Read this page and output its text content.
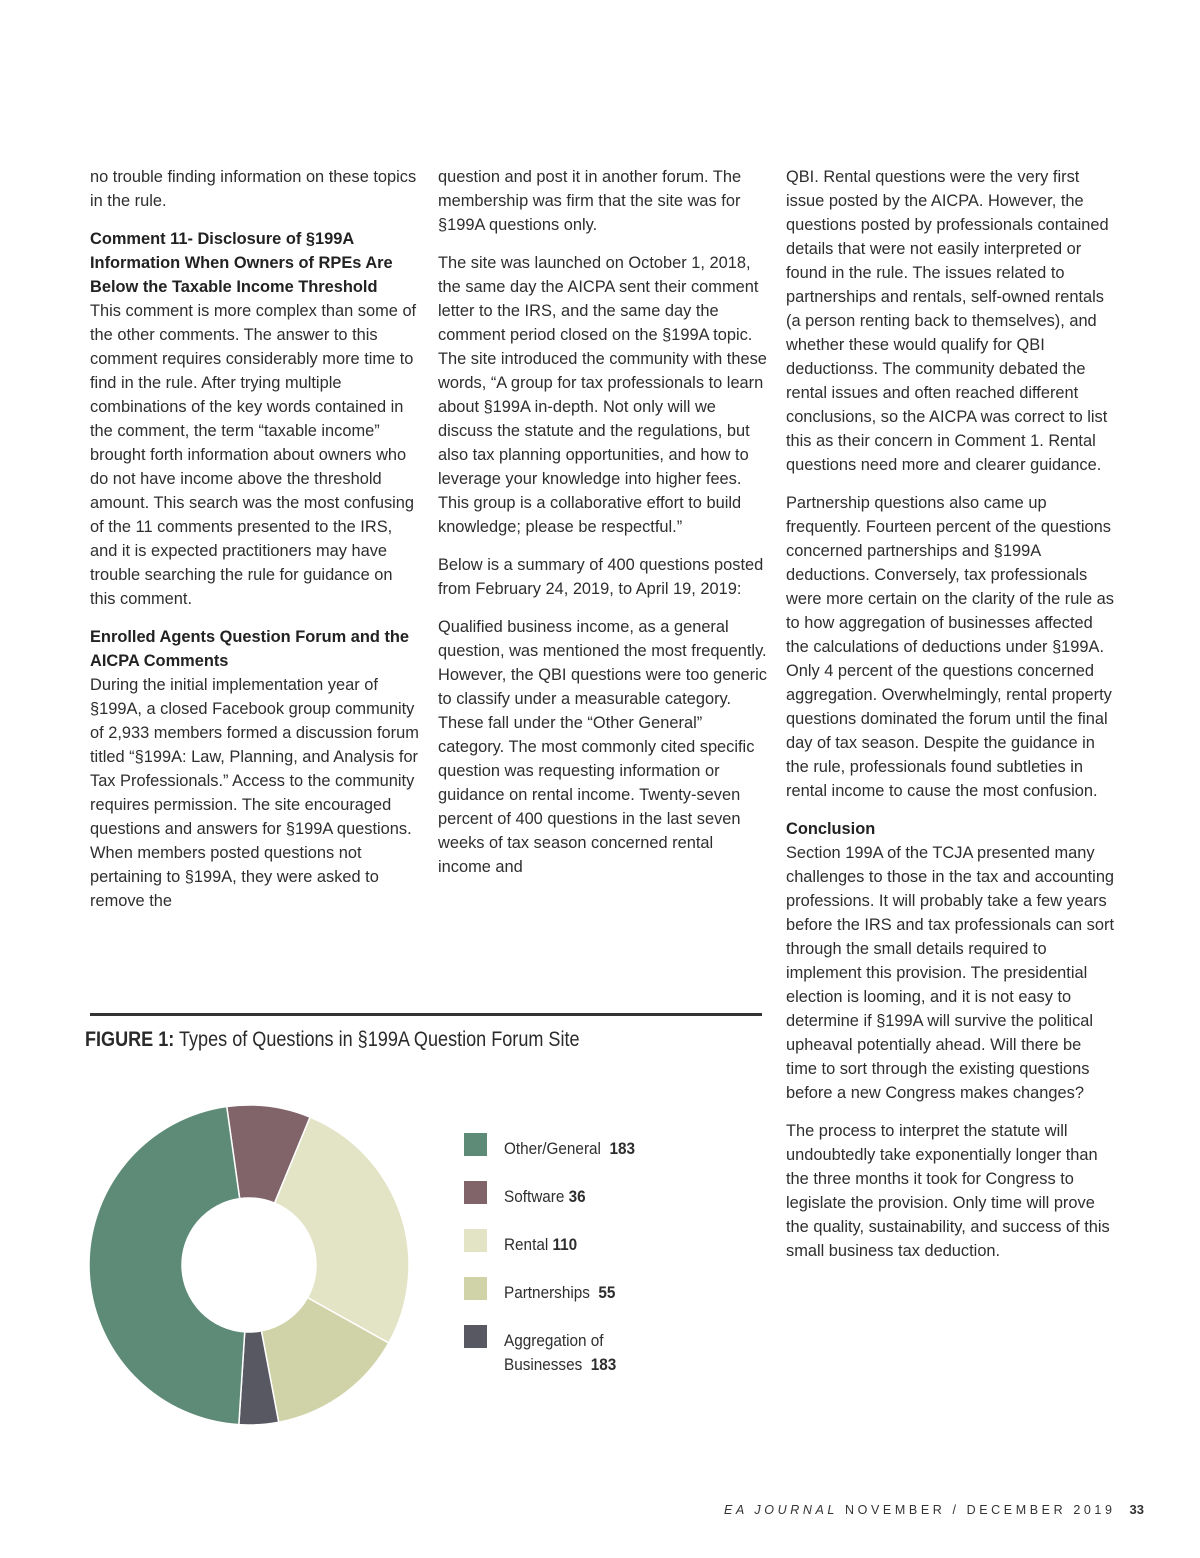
no trouble finding information on these topics in the rule.

Comment 11- Disclosure of §199A Information When Owners of RPEs Are Below the Taxable Income Threshold
This comment is more complex than some of the other comments. The answer to this comment requires considerably more time to find in the rule. After trying multiple combinations of the key words contained in the comment, the term “taxable income” brought forth information about owners who do not have income above the threshold amount. This search was the most confusing of the 11 comments presented to the IRS, and it is expected practitioners may have trouble searching the rule for guidance on this comment.

Enrolled Agents Question Forum and the AICPA Comments
During the initial implementation year of §199A, a closed Facebook group community of 2,933 members formed a discussion forum titled “§199A: Law, Planning, and Analysis for Tax Professionals.” Access to the community requires permission. The site encouraged questions and answers for §199A questions. When members posted questions not pertaining to §199A, they were asked to remove the

question and post it in another forum. The membership was firm that the site was for §199A questions only.

The site was launched on October 1, 2018, the same day the AICPA sent their comment letter to the IRS, and the same day the comment period closed on the §199A topic. The site introduced the community with these words, “A group for tax professionals to learn about §199A in-depth. Not only will we discuss the statute and the regulations, but also tax planning opportunities, and how to leverage your knowledge into higher fees. This group is a collaborative effort to build knowledge; please be respectful.”

Below is a summary of 400 questions posted from February 24, 2019, to April 19, 2019:

Qualified business income, as a general question, was mentioned the most frequently. However, the QBI questions were too generic to classify under a measurable category. These fall under the “Other General” category. The most commonly cited specific question was requesting information or guidance on rental income. Twenty-seven percent of 400 questions in the last seven weeks of tax season concerned rental income and

QBI. Rental questions were the very first issue posted by the AICPA. However, the questions posted by professionals contained details that were not easily interpreted or found in the rule. The issues related to partnerships and rentals, self-owned rentals (a person renting back to themselves), and whether these would qualify for QBI deductionss. The community debated the rental issues and often reached different conclusions, so the AICPA was correct to list this as their concern in Comment 1. Rental questions need more and clearer guidance.

Partnership questions also came up frequently. Fourteen percent of the questions concerned partnerships and §199A deductions. Conversely, tax professionals were more certain on the clarity of the rule as to how aggregation of businesses affected the calculations of deductions under §199A. Only 4 percent of the questions concerned aggregation. Overwhelmingly, rental property questions dominated the forum until the final day of tax season. Despite the guidance in the rule, professionals found subtleties in rental income to cause the most confusion.

Conclusion
Section 199A of the TCJA presented many challenges to those in the tax and accounting professions. It will probably take a few years before the IRS and tax professionals can sort through the small details required to implement this provision. The presidential election is looming, and it is not easy to determine if §199A will survive the political upheaval potentially ahead. Will there be time to sort through the existing questions before a new Congress makes changes?

The process to interpret the statute will undoubtedly take exponentially longer than the three months it took for Congress to legislate the provision. Only time will prove the quality, sustainability, and success of this small business tax deduction.

FIGURE 1: Types of Questions in §199A Question Forum Site
Other/General 183
Software 36
Rental 110
Partnerships 55
Aggregation of
Businesses 183
EA JOURNAL NOVEMBER / DECEMBER 2019 33
